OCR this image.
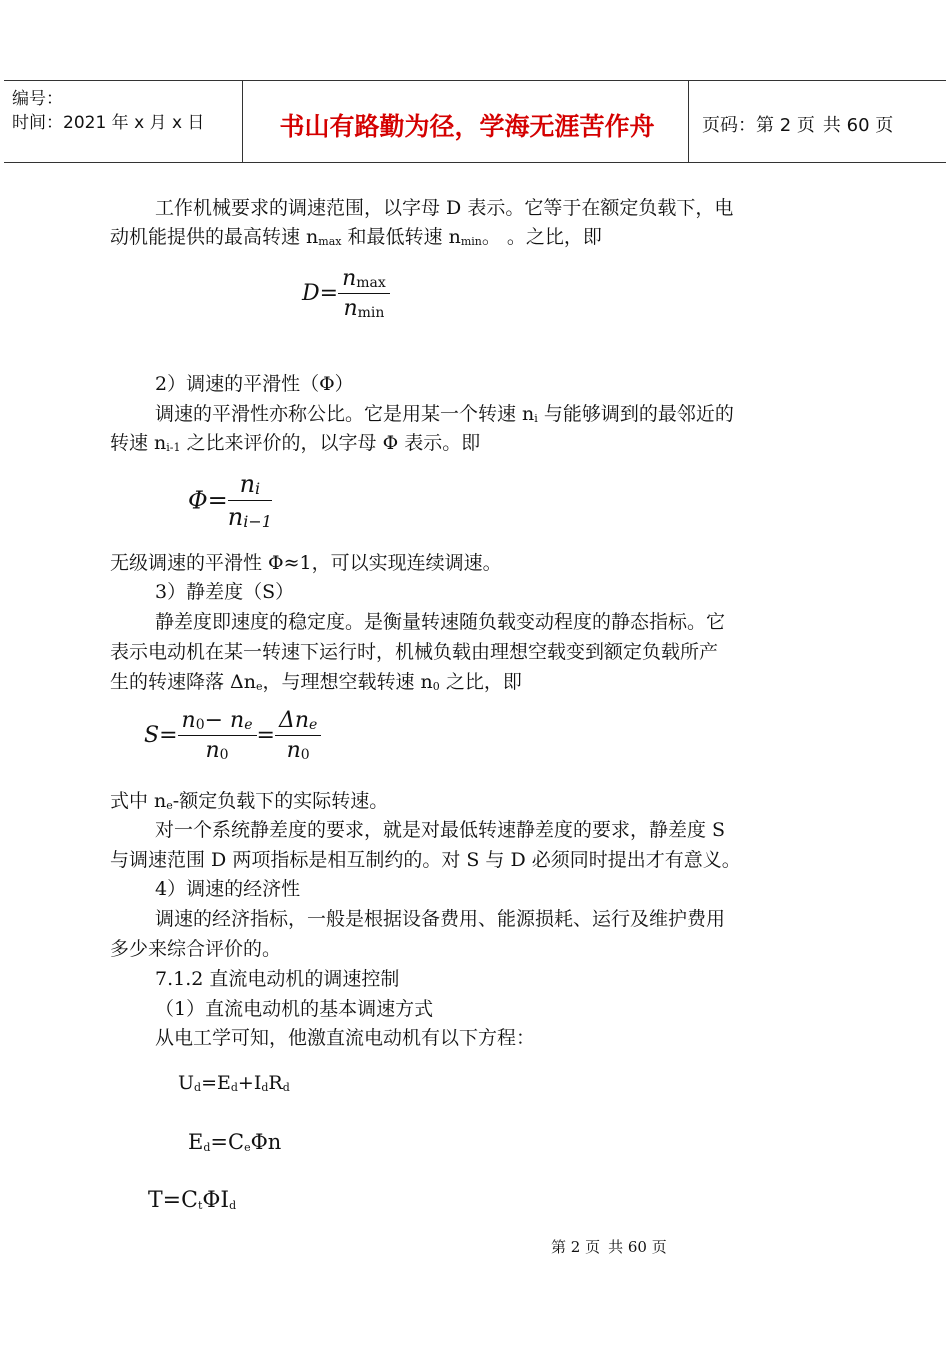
编号：
时间：2021 年 x 月 x 日	书山有路勤为径，学海无涯苦作舟	页码：第 2 页 共 60 页
工作机械要求的调速范围，以字母 D 表示。它等于在额定负载下，电
动机能提供的最高转速 nmax 和最低转速 nmin。 。之比，即
$D= \frac{nmax}{nmin}$
2）调速的平滑性（Φ）
调速的平滑性亦称公比。它是用某一个转速 ni 与能够调到的最邻近的
转速 ni-1 之比来评价的，以字母 Φ 表示。即
$\Phi= \frac{ni}{ni-1}$
无级调速的平滑性 Φ≈1，可以实现连续调速。
3）静差度（S）
静差度即速度的稳定度。是衡量转速随负载变动程度的静态指标。它
表示电动机在某一转速下运行时，机械负载由理想空载变到额定负载所产
生的转速降落 Δne，与理想空载转速 n0 之比，即
$S= \frac{n0- ne}{n0} = \frac{\text{Δne}}{n0}$
式中 ne-额定负载下的实际转速。
对一个系统静差度的要求，就是对最低转速静差度的要求，静差度 S
与调速范围 D 两项指标是相互制约的。对 S 与 D 必须同时提出才有意义。
4）调速的经济性
调速的经济指标，一般是根据设备费用、能源损耗、运行及维护费用
多少来综合评价的。
7.1.2 直流电动机的调速控制
（1）直流电动机的基本调速方式
从电工学可知，他激直流电动机有以下方程：
Ud=Ed+IdRd
Ed=CeΦn
T=CtΦId
第 2 页 共 60 页
